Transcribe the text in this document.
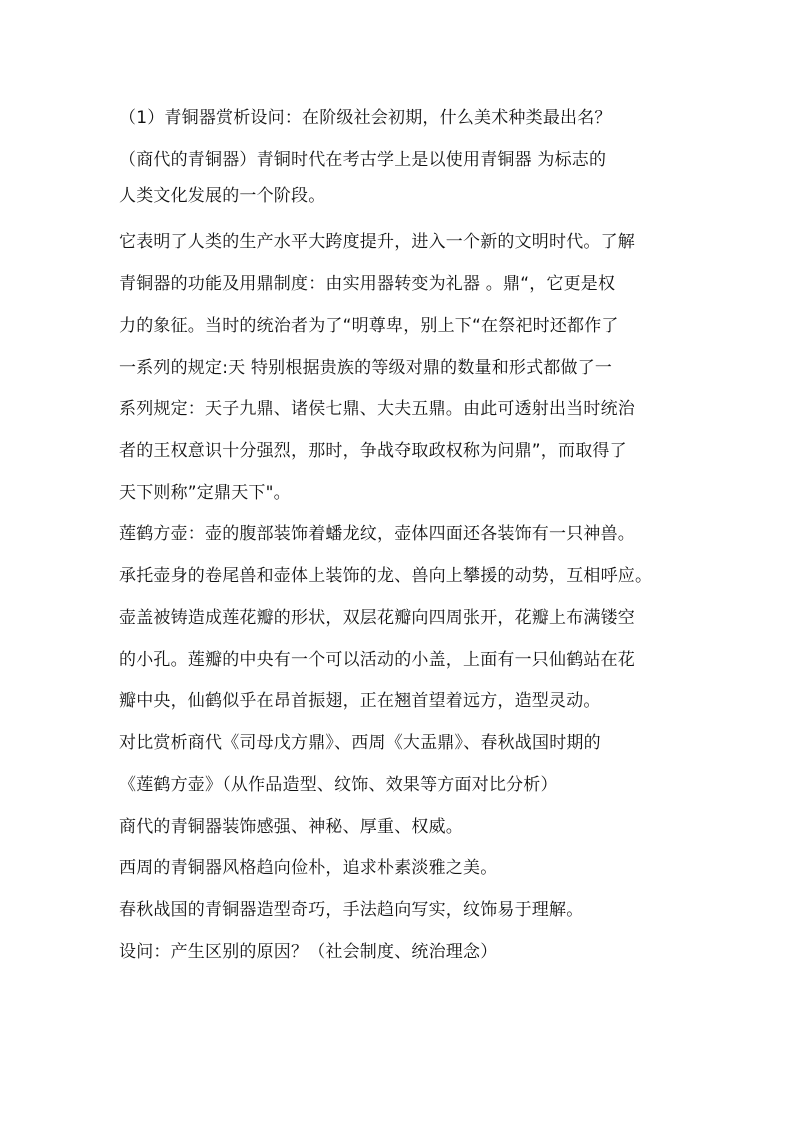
（1）青铜器赏析设问：在阶级社会初期，什么美术种类最出名？
（商代的青铜器）青铜时代在考古学上是以使用青铜器 为标志的
人类文化发展的一个阶段。
它表明了人类的生产水平大跨度提升，进入一个新的文明时代。了解
青铜器的功能及用鼎制度：由实用器转变为礼器 。鼎“，它更是权
力的象征。当时的统治者为了“明尊卑，别上下“在祭祀时还都作了
一系列的规定:天 特别根据贵族的等级对鼎的数量和形式都做了一
系列规定：天子九鼎、诸侯七鼎、大夫五鼎。由此可透射出当时统治
者的王权意识十分强烈，那时，争战夺取政权称为问鼎”，而取得了
天下则称”定鼎天下"。
莲鹤方壶：壶的腹部装饰着蟠龙纹，壶体四面还各装饰有一只神兽。
承托壶身的卷尾兽和壶体上装饰的龙、兽向上攀援的动势，互相呼应。
壶盖被铸造成莲花瓣的形状，双层花瓣向四周张开，花瓣上布满镂空
的小孔。莲瓣的中央有一个可以活动的小盖，上面有一只仙鹤站在花
瓣中央，仙鹤似乎在昂首振翅，正在翘首望着远方，造型灵动。
对比赏析商代《司母戊方鼎》、西周《大盂鼎》、春秋战国时期的
《莲鹤方壶》（从作品造型、纹饰、效果等方面对比分析）
商代的青铜器装饰感强、神秘、厚重、权威。
西周的青铜器风格趋向俭朴，追求朴素淡雅之美。
春秋战国的青铜器造型奇巧，手法趋向写实，纹饰易于理解。
设问：产生区别的原因？（社会制度、统治理念）
